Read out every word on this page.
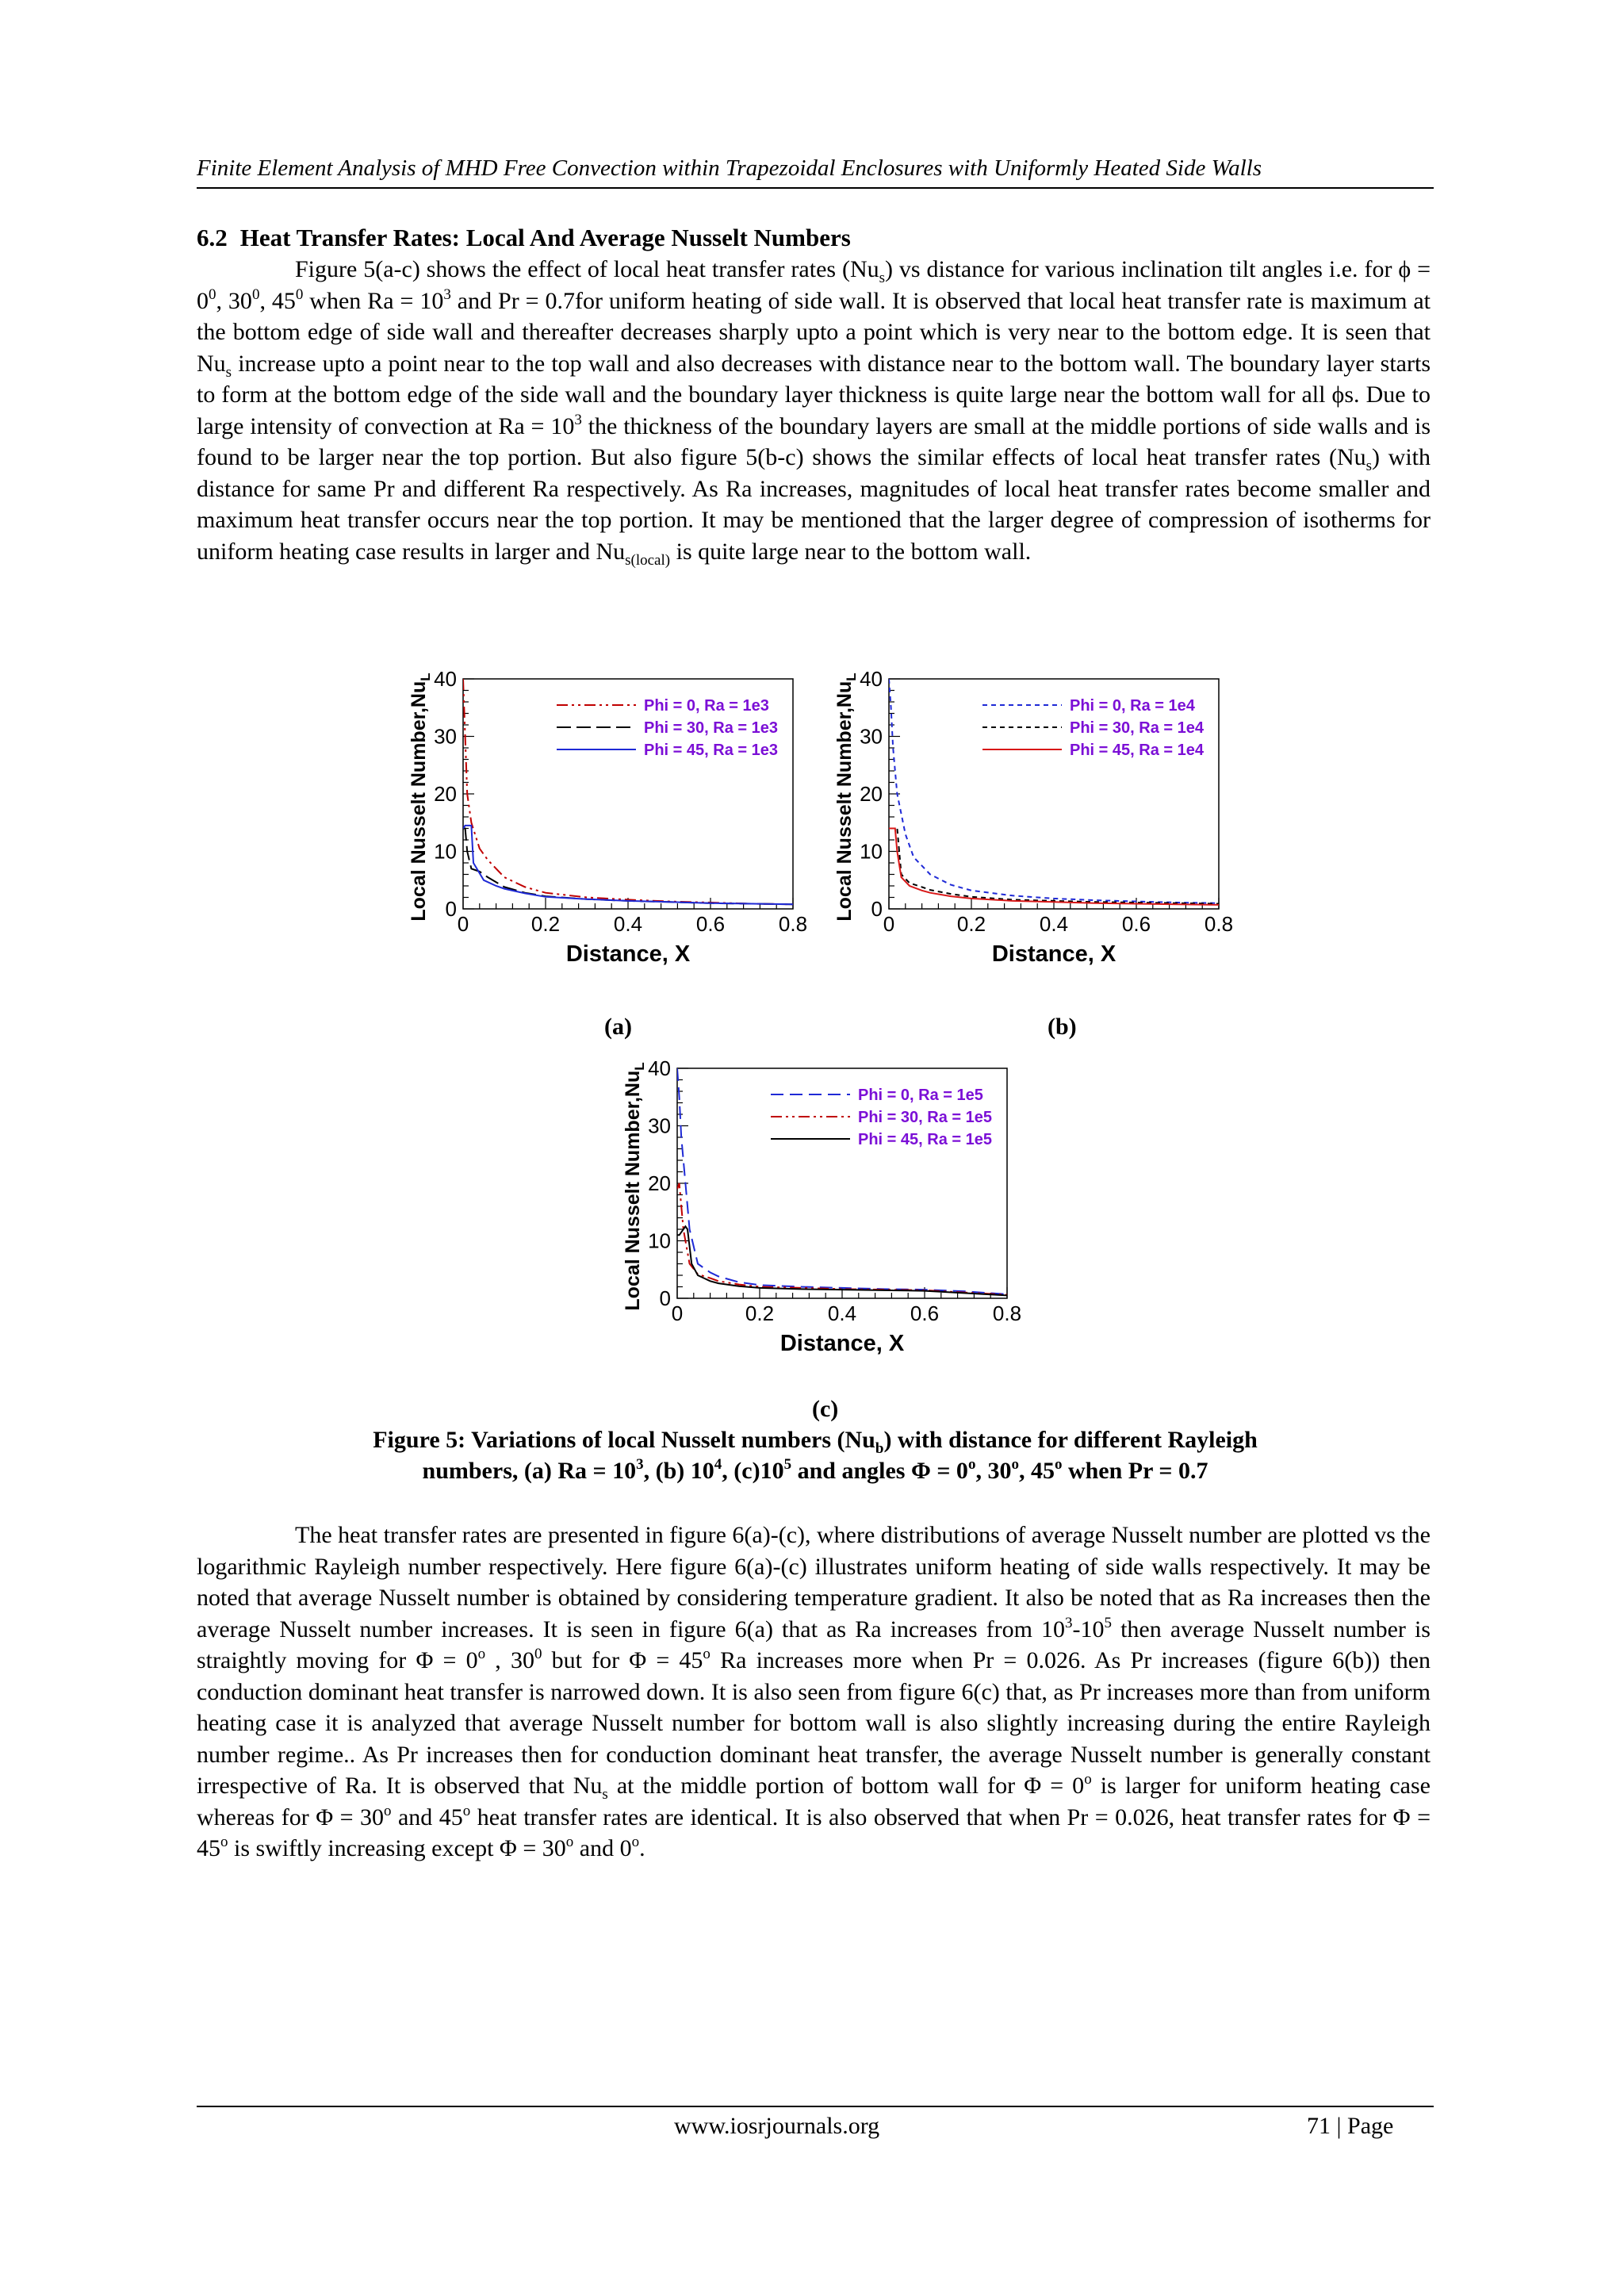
Finite Element Analysis of MHD Free Convection within Trapezoidal Enclosures with Uniformly Heated Side Walls
6.2 Heat Transfer Rates: Local And Average Nusselt Numbers

Figure 5(a-c) shows the effect of local heat transfer rates $(Nu_s)$ vs distance for various inclination tilt angles i.e. for $\phi = 0^0$, $30^0$, $45^0$ when $Ra = 10^3$ and Pr = 0.7for uniform heating of side wall. It is observed that local heat transfer rate is maximum at the bottom edge of side wall and thereafter decreases sharply upto a point which is very near to the bottom edge. It is seen that $Nu_s$ increase upto a point near to the top wall and also decreases with distance near to the bottom wall. The boundary layer starts to form at the bottom edge of the side wall and the boundary layer thickness is quite large near the bottom wall for all ϕs. Due to large intensity of convection at $Ra = 10^3$ the thickness of the boundary layers are small at the middle portions of side walls and is found to be larger near the top portion. But also figure 5(b-c) shows the similar effects of local heat transfer rates $(Nu_s)$ with distance for same Pr and different Ra respectively. As Ra increases, magnitudes of local heat transfer rates become smaller and maximum heat transfer occurs near the top portion. It may be mentioned that the larger degree of compression of isotherms for uniform heating case results in larger and $Nu_{s(local)}$ is quite large near to the bottom wall.

0
10
20
30
40
0	0.2	0.4	0.6	0.8
Distance, X
Local Nusselt $Number,Nu_L$
Phi = 0, Ra = 1e3
Phi = 30, Ra = 1e3
Phi = 45, Ra = 1e3
0
10
20
30
40
0	0.2	0.4	0.6	0.8
Distance, X
Local Nusselt $Number,Nu_L$
Phi = 0, Ra = 1e4
Phi = 30, Ra = 1e4
Phi = 45, Ra = 1e4
0
10
20
30
40
0	0.2	0.4	0.6	0.8
Distance, X
Local Nusselt $Number,Nu_L$
Phi = 0, Ra = 1e5
Phi = 30, Ra = 1e5
Phi = 45, Ra = 1e5
(a)	(b)
(c)
Figure 5: Variations of local Nusselt numbers $(Nu_b)$ with distance for different Rayleigh
numbers, (a) $Ra = 10^3$, (b) $10^4$, $(c)10^5$ and angles $\Phi = 0^o$, 30$^o$, 45$^o$ when Pr = 0.7

The heat transfer rates are presented in figure 6(a)-(c), where distributions of average Nusselt number are plotted vs the logarithmic Rayleigh number respectively. Here figure 6(a)-(c) illustrates uniform heating of side walls respectively. It may be noted that average Nusselt number is obtained by considering temperature gradient. It also be noted that as Ra increases then the average Nusselt number increases. It is seen in figure 6(a) that as Ra increases from $10^3-10^5$ then average Nusselt number is straightly moving for $\Phi = 0^o$ , $30^0$ but for $\Phi = 45^o$ Ra increases more when Pr = 0.026. As Pr increases (figure 6(b)) then conduction dominant heat transfer is narrowed down. It is also seen from figure 6(c) that, as Pr increases more than from uniform heating case it is analyzed that average Nusselt number for bottom wall is also slightly increasing during the entire Rayleigh number regime.. As Pr increases then for conduction dominant heat transfer, the average Nusselt number is generally constant irrespective of Ra. It is observed that $Nu_s$ at the middle portion of bottom wall for $\Phi = 0^o$ is larger for uniform heating case whereas for $\Phi = 30^o$ and 45$^o$ heat transfer rates are identical. It is also observed that when Pr = 0.026, heat transfer rates for $\Phi = 45^o$ is swiftly increasing except $\Phi = 30^o$ and 0$^o$.

www.iosrjournals.org	71 | Page
